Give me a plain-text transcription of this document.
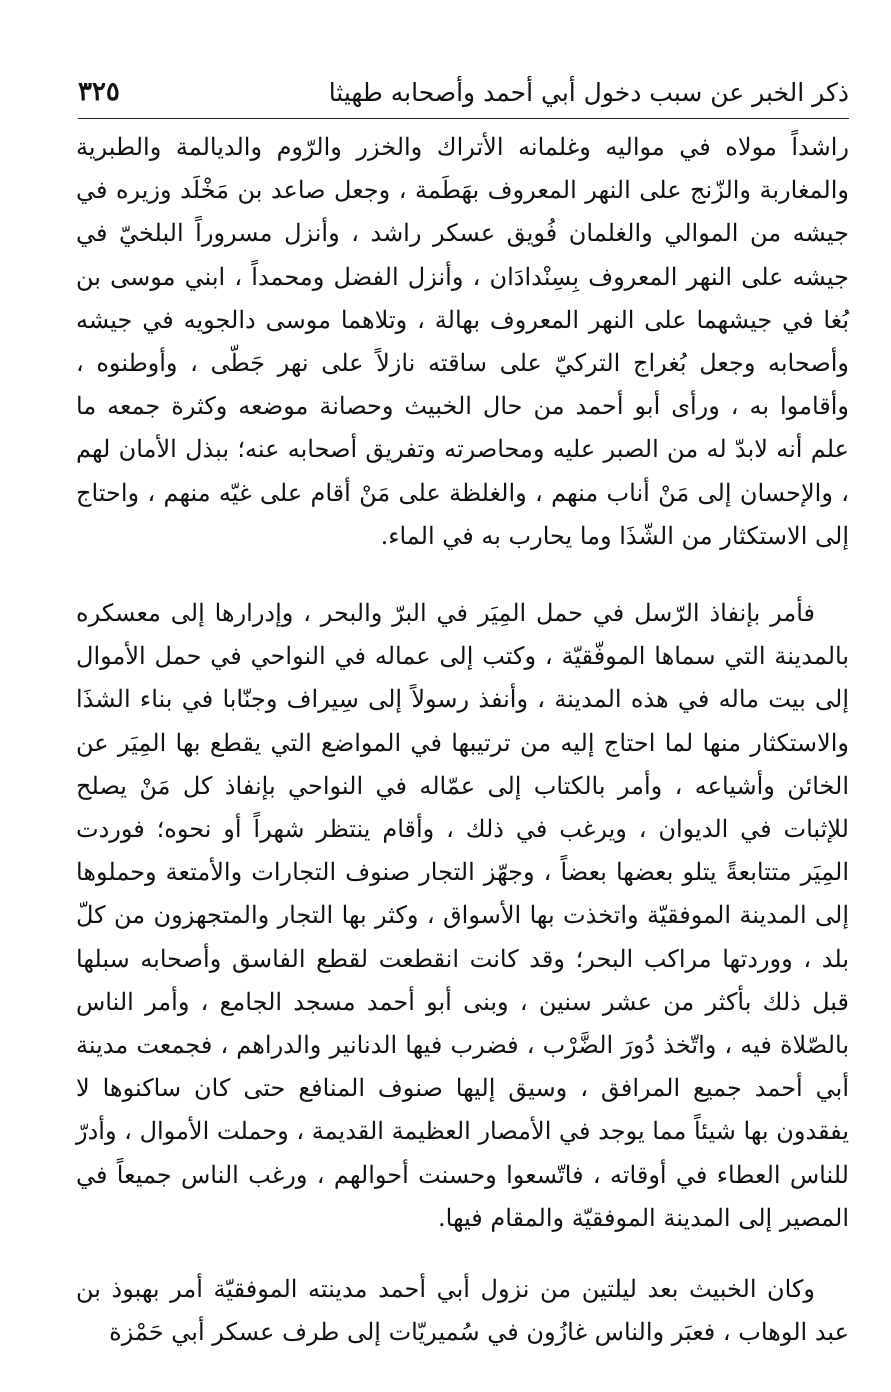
ذكر الخبر عن سبب دخول أبي أحمد وأصحابه طهيثا
٣٢٥

راشداً مولاه في مواليه وغلمانه الأتراك والخزر والرّوم والديالمة والطبرية والمغاربة والزّنج على النهر المعروف بهَطَمة ، وجعل صاعد بن مَخْلَد وزيره في جيشه من الموالي والغلمان فُويق عسكر راشد ، وأنزل مسروراً البلخيّ في جيشه على النهر المعروف بِسِنْدادَان ، وأنزل الفضل ومحمداً ، ابني موسى بن بُغا في جيشهما على النهر المعروف بهالة ، وتلاهما موسى دالجويه في جيشه وأصحابه وجعل بُغراج التركيّ على ساقته نازلاً على نهر جَطّى ، وأوطنوه ، وأقاموا به ، ورأى أبو أحمد من حال الخبيث وحصانة موضعه وكثرة جمعه ما علم أنه لابدّ له من الصبر عليه ومحاصرته وتفريق أصحابه عنه؛ ببذل الأمان لهم ، والإحسان إلى مَنْ أناب منهم ، والغلظة على مَنْ أقام على غيّه منهم ، واحتاج إلى الاستكثار من الشّذَا وما يحارب به في الماء.

فأمر بإنفاذ الرّسل في حمل المِيَر في البرّ والبحر ، وإدرارها إلى معسكره بالمدينة التي سماها الموفّقيّة ، وكتب إلى عماله في النواحي في حمل الأموال إلى بيت ماله في هذه المدينة ، وأنفذ رسولاً إلى سِيراف وجنّابا في بناء الشذَا والاستكثار منها لما احتاج إليه من ترتيبها في المواضع التي يقطع بها المِيَر عن الخائن وأشياعه ، وأمر بالكتاب إلى عمّاله في النواحي بإنفاذ كل مَنْ يصلح للإثبات في الديوان ، ويرغب في ذلك ، وأقام ينتظر شهراً أو نحوه؛ فوردت المِيَر متتابعةً يتلو بعضها بعضاً ، وجهّز التجار صنوف التجارات والأمتعة وحملوها إلى المدينة الموفقيّة واتخذت بها الأسواق ، وكثر بها التجار والمتجهزون من كلّ بلد ، ووردتها مراكب البحر؛ وقد كانت انقطعت لقطع الفاسق وأصحابه سبلها قبل ذلك بأكثر من عشر سنين ، وبنى أبو أحمد مسجد الجامع ، وأمر الناس بالصّلاة فيه ، واتّخذ دُورَ الضَّرْب ، فضرب فيها الدنانير والدراهم ، فجمعت مدينة أبي أحمد جميع المرافق ، وسيق إليها صنوف المنافع حتى كان ساكنوها لا يفقدون بها شيئاً مما يوجد في الأمصار العظيمة القديمة ، وحملت الأموال ، وأدرّ للناس العطاء في أوقاته ، فاتّسعوا وحسنت أحوالهم ، ورغب الناس جميعاً في المصير إلى المدينة الموفقيّة والمقام فيها.

وكان الخبيث بعد ليلتين من نزول أبي أحمد مدينته الموفقيّة أمر بهبوذ بن عبد الوهاب ، فعبَر والناس غازُون في سُميريّات إلى طرف عسكر أبي حَمْزة
